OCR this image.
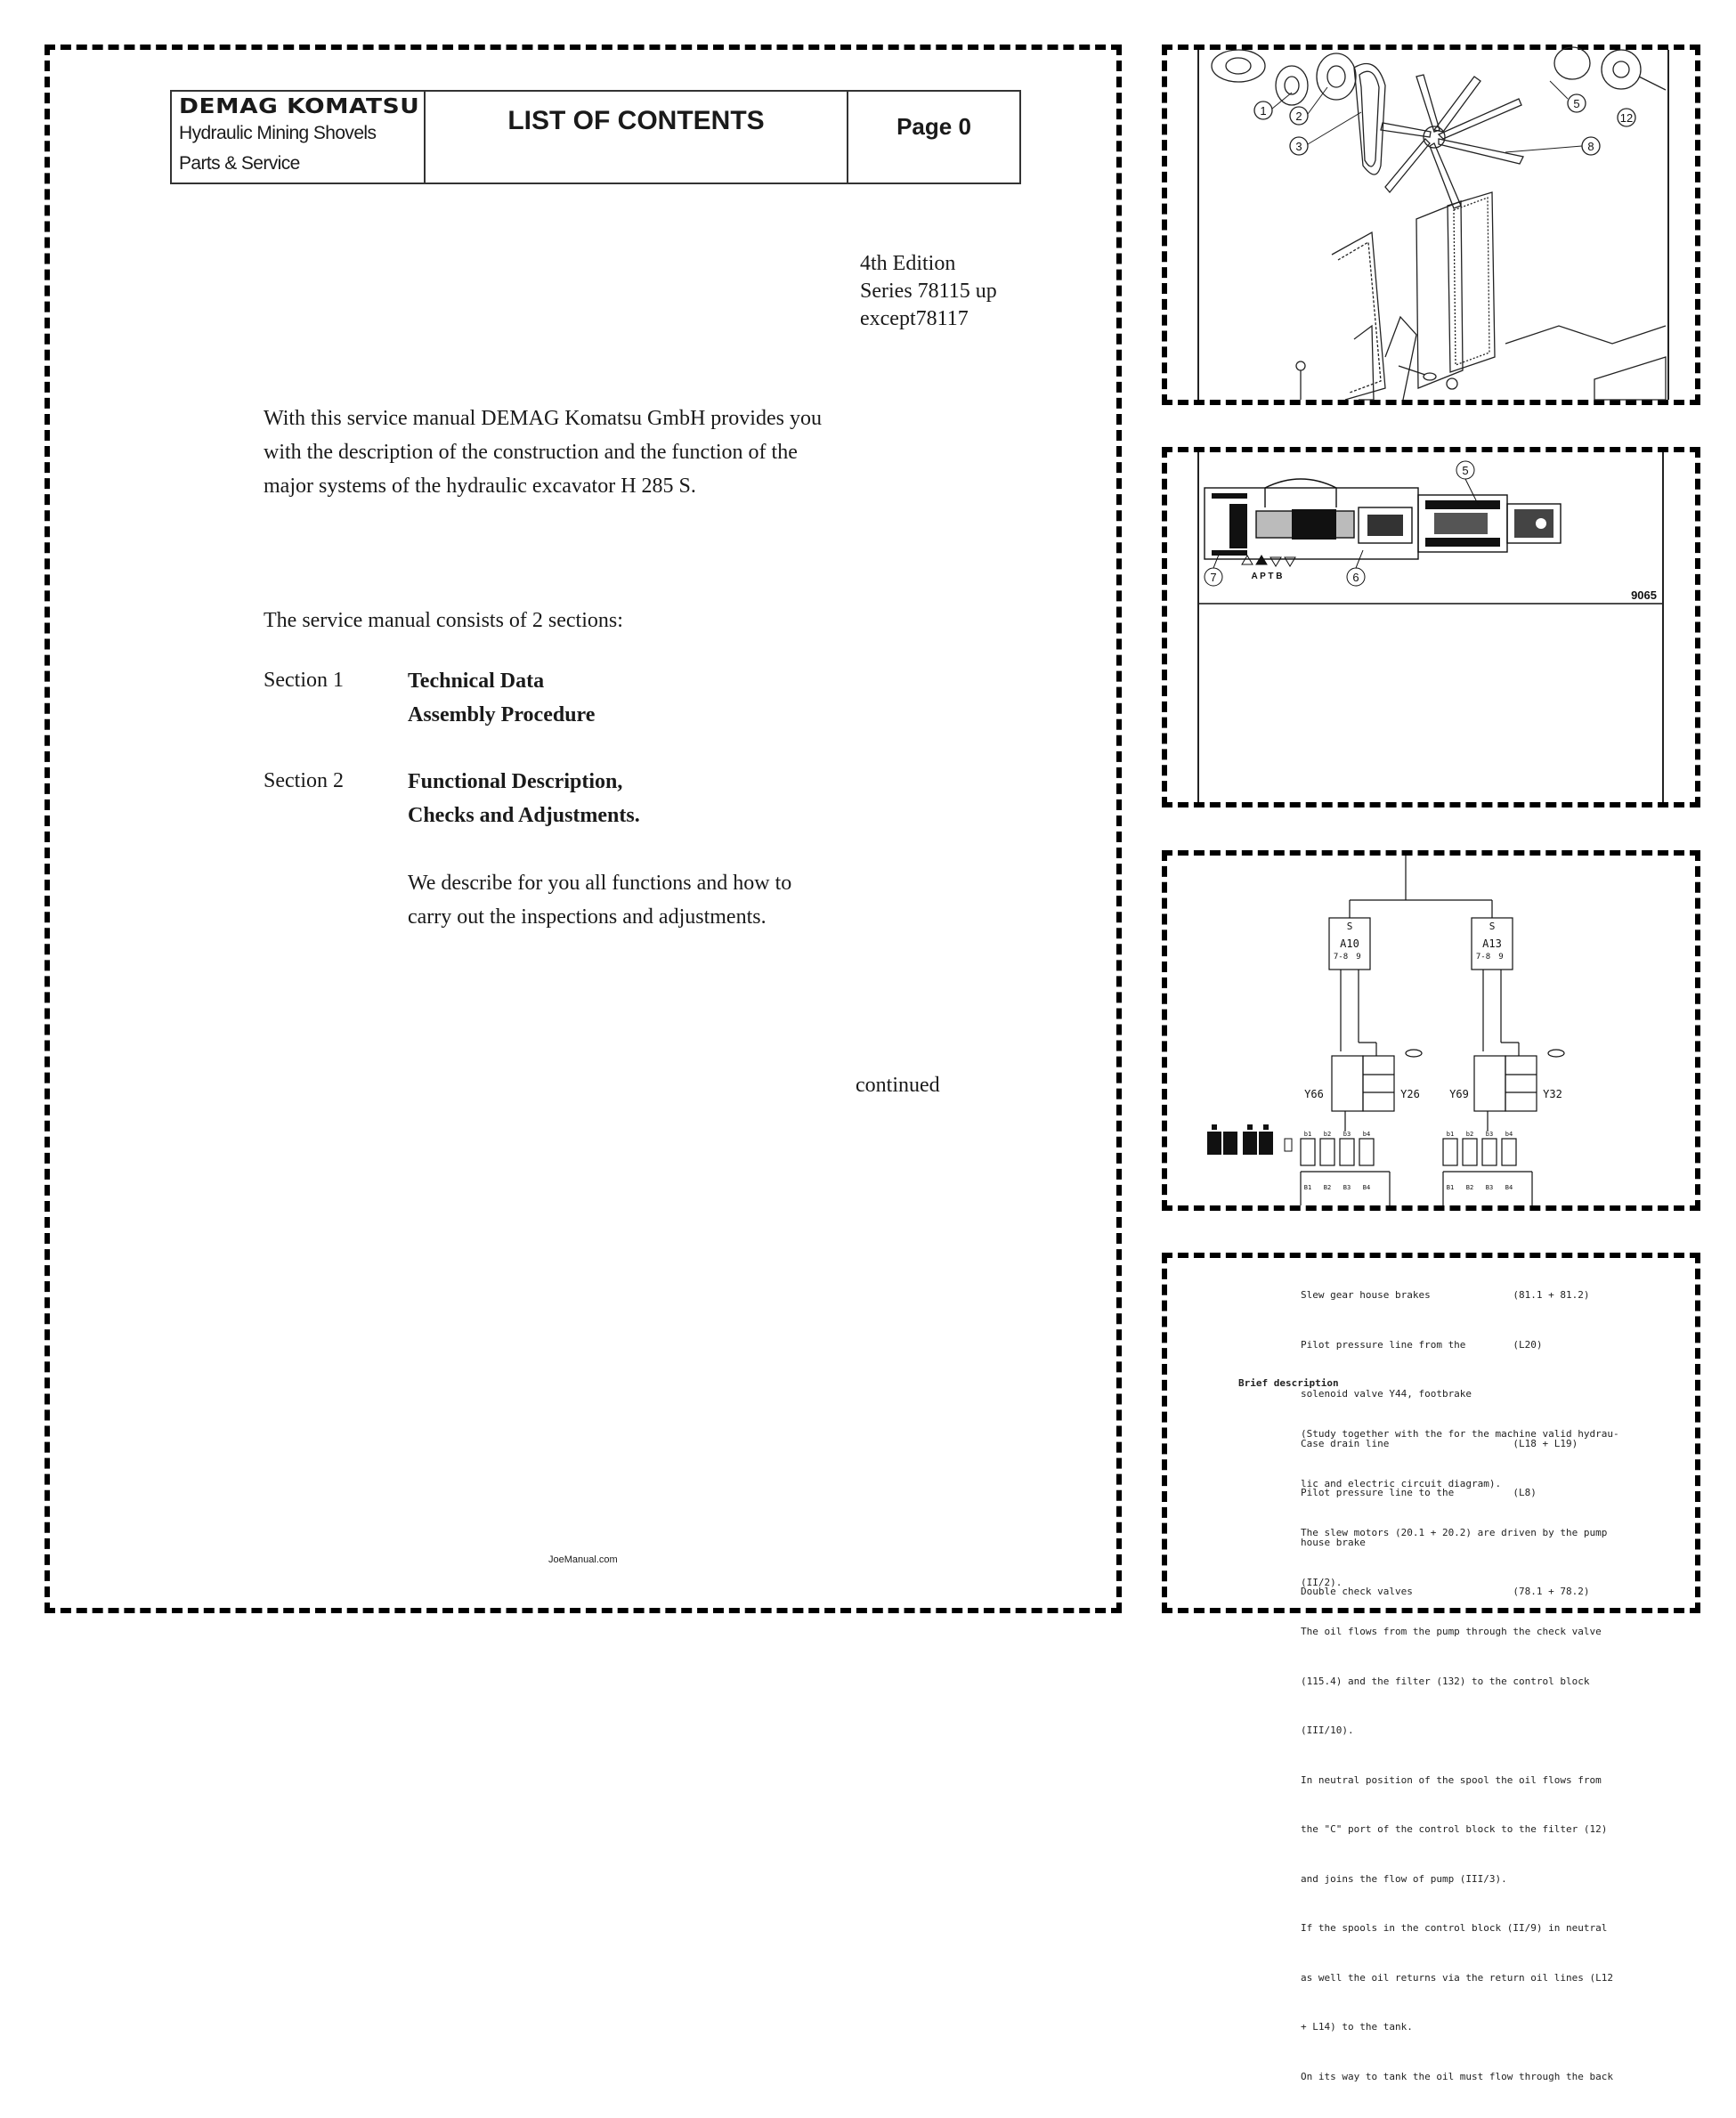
DEMAG KOMATSU
Hydraulic Mining Shovels
Parts & Service
LIST OF CONTENTS	Page 0
4th Edition
Series 78115 up
except78117
With this service manual DEMAG Komatsu GmbH provides you
with the description of the construction and the function of the
major systems of the hydraulic excavator H 285 S.
The service manual consists of 2 sections:
Section 1	Technical Data
Assembly Procedure
Section 2	Functional Description,
Checks and Adjustments.
We describe for you all functions and how to
carry out the inspections and adjustments.
continued
JoeManual.com
1	2
3
5
8
12
5
7	6
A P T B
9065
S	S
A10	A13
7-8 9	7-8 9
Y66	Y26	Y69	Y32
b1 b2 b3 b4	b1 b2 b3 b4
B1 B2 B3 B4	B1 B2 B3 B4

Slew gear house brakes              (81.1 + 81.2)

Pilot pressure line from the        (L20)

solenoid valve Y44, footbrake

Case drain line                     (L18 + L19)

Pilot pressure line to the          (L8)

house brake

Double check valves                 (78.1 + 78.2)

Brief description

(Study together with the for the machine valid hydrau-

lic and electric circuit diagram).

The slew motors (20.1 + 20.2) are driven by the pump

(II/2).

The oil flows from the pump through the check valve

(115.4) and the filter (132) to the control block

(III/10).

In neutral position of the spool the oil flows from

the "C" port of the control block to the filter (12)

and joins the flow of pump (III/3).

If the spools in the control block (II/9) in neutral

as well the oil returns via the return oil lines (L12

+ L14) to the tank.

On its way to tank the oil must flow through the back
